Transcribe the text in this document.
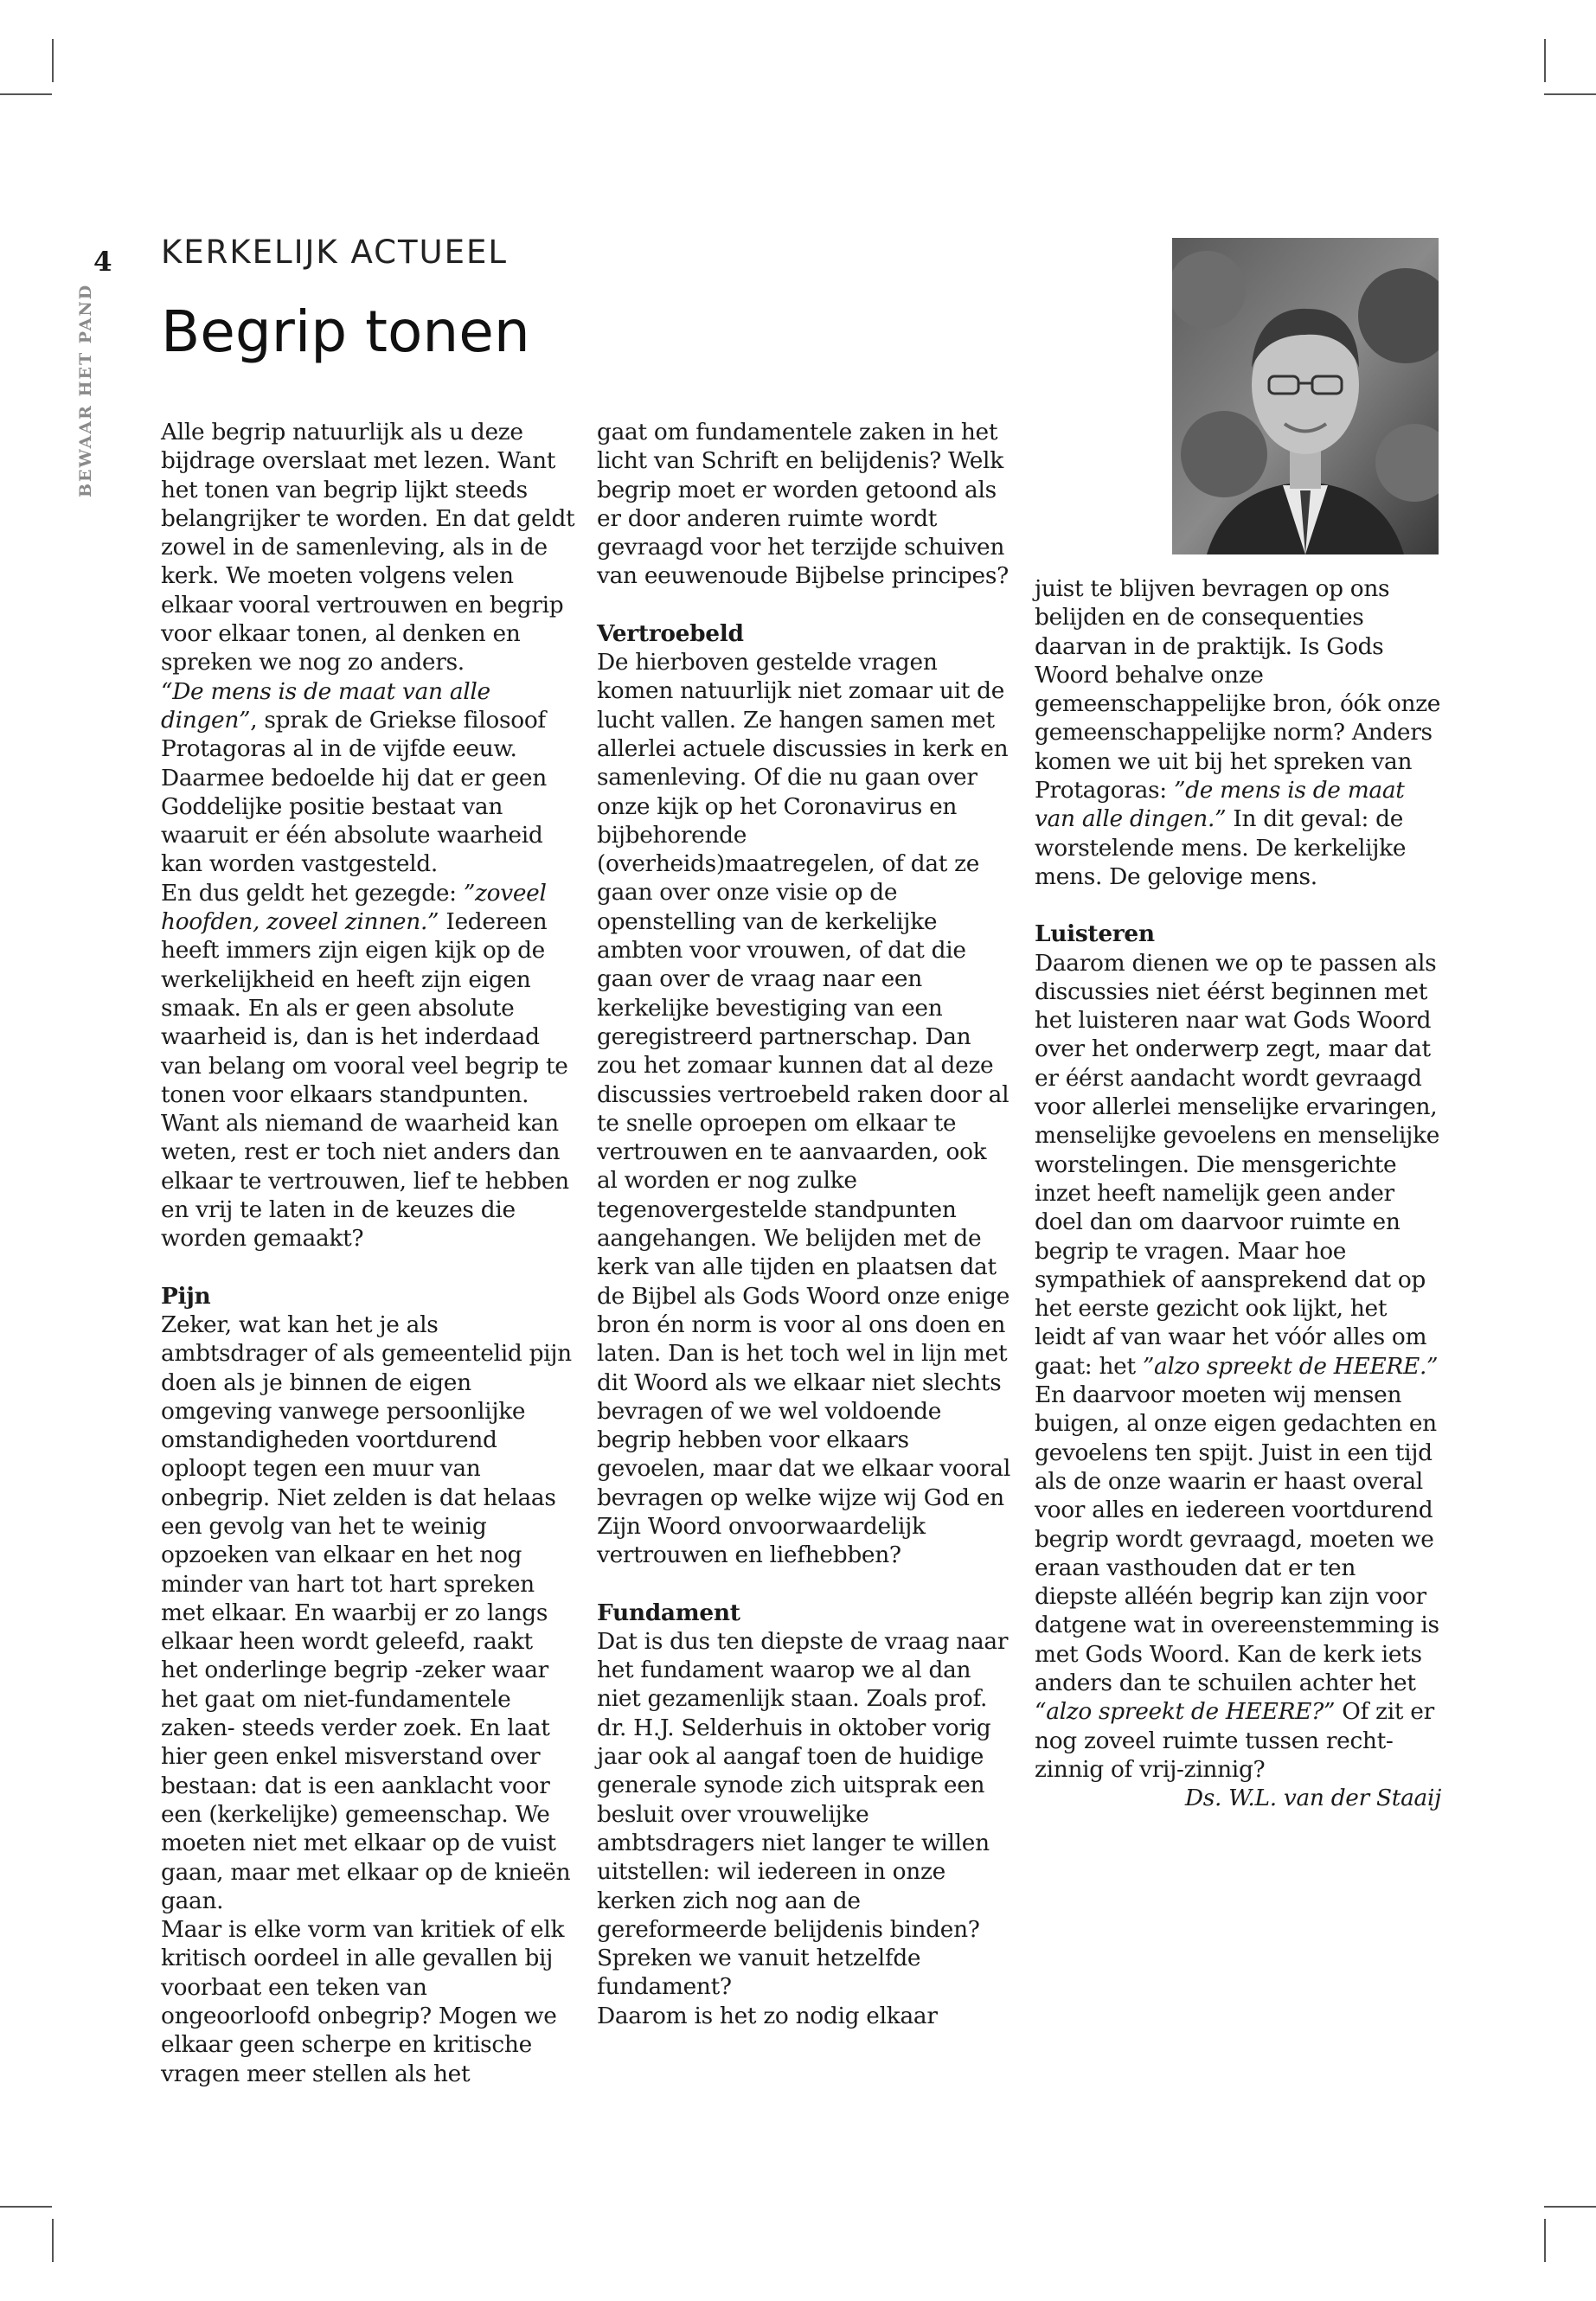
4
BEWAAR HET PAND
KERKELIJK ACTUEEL
Begrip tonen

Alle begrip natuurlijk als u deze bijdrage overslaat met lezen. Want het tonen van begrip lijkt steeds belangrijker te worden. En dat geldt zowel in de samenleving, als in de kerk. We moeten volgens velen elkaar vooral vertrouwen en begrip voor elkaar tonen, al denken en spreken we nog zo anders.

“De mens is de maat van alle dingen”, sprak de Griekse filosoof Protagoras al in de vijfde eeuw. Daarmee bedoelde hij dat er geen Goddelijke positie bestaat van waaruit er één absolute waarheid kan worden vastgesteld.

En dus geldt het gezegde: ”zoveel hoofden, zoveel zinnen.” Iedereen heeft immers zijn eigen kijk op de werkelijkheid en heeft zijn eigen smaak. En als er geen absolute waarheid is, dan is het inderdaad van belang om vooral veel begrip te tonen voor elkaars standpunten. Want als niemand de waarheid kan weten, rest er toch niet anders dan elkaar te vertrouwen, lief te hebben en vrij te laten in de keuzes die worden gemaakt?

Pijn

Zeker, wat kan het je als ambtsdrager of als gemeentelid pijn doen als je binnen de eigen omgeving vanwege persoonlijke omstandigheden voortdurend oploopt tegen een muur van onbegrip. Niet zelden is dat helaas een gevolg van het te weinig opzoeken van elkaar en het nog minder van hart tot hart spreken met elkaar. En waarbij er zo langs elkaar heen wordt geleefd, raakt het onderlinge begrip -zeker waar het gaat om niet-fundamentele zaken- steeds verder zoek. En laat hier geen enkel misverstand over bestaan: dat is een aanklacht voor een (kerkelijke) gemeenschap. We moeten niet met elkaar op de vuist gaan, maar met elkaar op de knieën gaan.

Maar is elke vorm van kritiek of elk kritisch oordeel in alle gevallen bij voorbaat een teken van ongeoorloofd onbegrip? Mogen we elkaar geen scherpe en kritische vragen meer stellen als het

gaat om fundamentele zaken in het licht van Schrift en belijdenis? Welk begrip moet er worden getoond als er door anderen ruimte wordt gevraagd voor het terzijde schuiven van eeuwenoude Bijbelse principes?

Vertroebeld

De hierboven gestelde vragen komen natuurlijk niet zomaar uit de lucht vallen. Ze hangen samen met allerlei actuele discussies in kerk en samenleving. Of die nu gaan over onze kijk op het Coronavirus en bijbehorende (overheids)maatregelen, of dat ze gaan over onze visie op de openstelling van de kerkelijke ambten voor vrouwen, of dat die gaan over de vraag naar een kerkelijke bevestiging van een geregistreerd partnerschap. Dan zou het zomaar kunnen dat al deze discussies vertroebeld raken door al te snelle oproepen om elkaar te vertrouwen en te aanvaarden, ook al worden er nog zulke tegenovergestelde standpunten aangehangen. We belijden met de kerk van alle tijden en plaatsen dat de Bijbel als Gods Woord onze enige bron én norm is voor al ons doen en laten. Dan is het toch wel in lijn met dit Woord als we elkaar niet slechts bevragen of we wel voldoende begrip hebben voor elkaars gevoelen, maar dat we elkaar vooral bevragen op welke wijze wij God en Zijn Woord onvoorwaardelijk vertrouwen en liefhebben?

Fundament

Dat is dus ten diepste de vraag naar het fundament waarop we al dan niet gezamenlijk staan. Zoals prof. dr. H.J. Selderhuis in oktober vorig jaar ook al aangaf toen de huidige generale synode zich uitsprak een besluit over vrouwelijke ambtsdragers niet langer te willen uitstellen: wil iedereen in onze kerken zich nog aan de gereformeerde belijdenis binden? Spreken we vanuit hetzelfde fundament?

Daarom is het zo nodig elkaar

juist te blijven bevragen op ons belijden en de consequenties daarvan in de praktijk. Is Gods Woord behalve onze gemeenschappelijke bron, óók onze gemeenschappelijke norm? Anders komen we uit bij het spreken van Protagoras: ”de mens is de maat van alle dingen.” In dit geval: de worstelende mens. De kerkelijke mens. De gelovige mens.

Luisteren

Daarom dienen we op te passen als discussies niet éérst beginnen met het luisteren naar wat Gods Woord over het onderwerp zegt, maar dat er éérst aandacht wordt gevraagd voor allerlei menselijke ervaringen, menselijke gevoelens en menselijke worstelingen. Die mensgerichte inzet heeft namelijk geen ander doel dan om daarvoor ruimte en begrip te vragen. Maar hoe sympathiek of aansprekend dat op het eerste gezicht ook lijkt, het leidt af van waar het vóór alles om gaat: het ”alzo spreekt de HEERE.” En daarvoor moeten wij mensen buigen, al onze eigen gedachten en gevoelens ten spijt. Juist in een tijd als de onze waarin er haast overal voor alles en iedereen voortdurend begrip wordt gevraagd, moeten we eraan vasthouden dat er ten diepste alléén begrip kan zijn voor datgene wat in overeenstemming is met Gods Woord. Kan de kerk iets anders dan te schuilen achter het “alzo spreekt de HEERE?” Of zit er nog zoveel ruimte tussen recht-zinnig of vrij-zinnig?

Ds. W.L. van der Staaij
